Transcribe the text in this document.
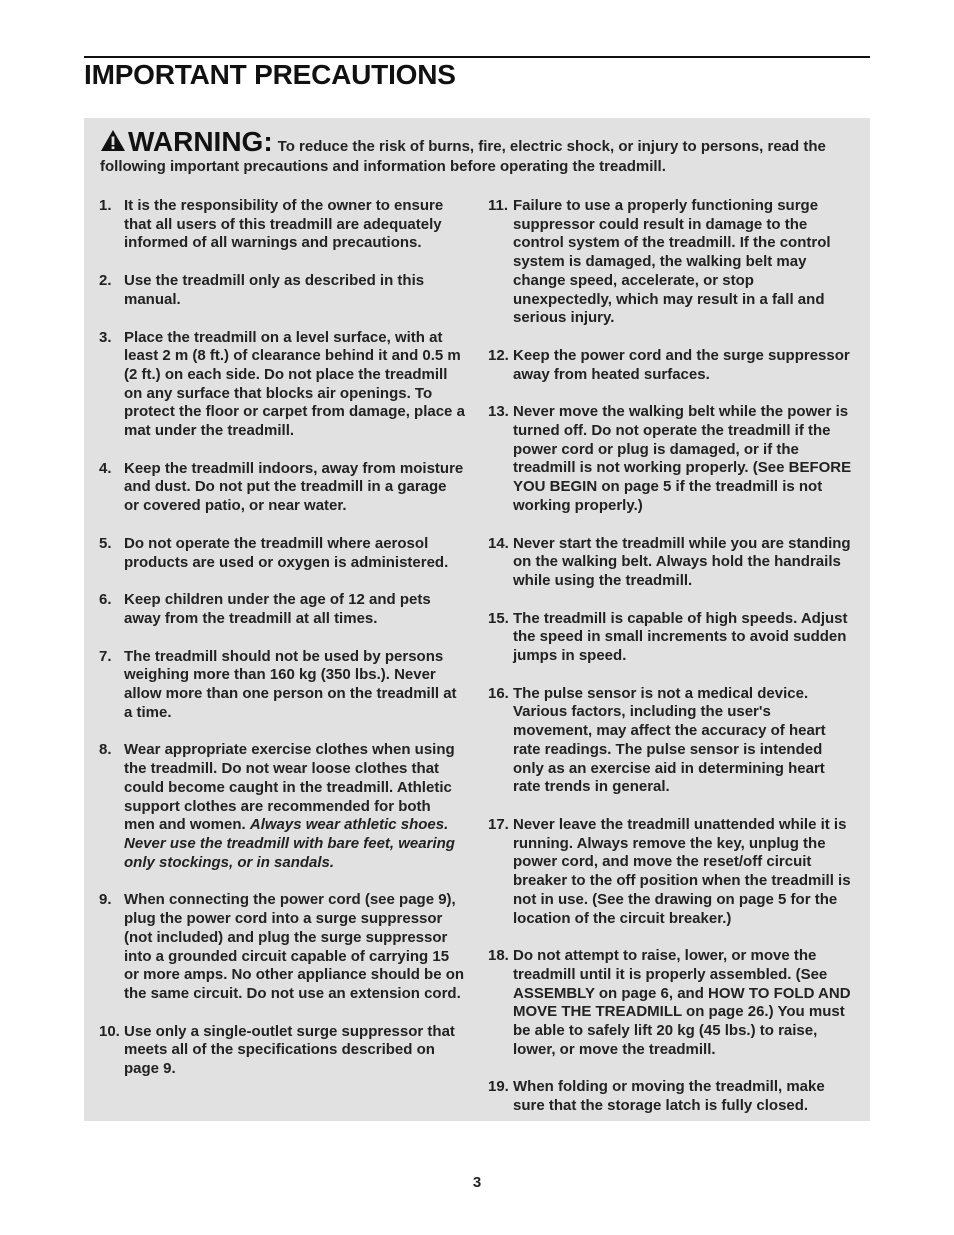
IMPORTANT PRECAUTIONS
WARNING: To reduce the risk of burns, fire, electric shock, or injury to persons, read the following important precautions and information before operating the treadmill.
1. It is the responsibility of the owner to ensure that all users of this treadmill are adequately informed of all warnings and precautions.
2. Use the treadmill only as described in this manual.
3. Place the treadmill on a level surface, with at least 2 m (8 ft.) of clearance behind it and 0.5 m (2 ft.) on each side. Do not place the treadmill on any surface that blocks air openings. To protect the floor or carpet from damage, place a mat under the treadmill.
4. Keep the treadmill indoors, away from moisture and dust. Do not put the treadmill in a garage or covered patio, or near water.
5. Do not operate the treadmill where aerosol products are used or oxygen is administered.
6. Keep children under the age of 12 and pets away from the treadmill at all times.
7. The treadmill should not be used by persons weighing more than 160 kg (350 lbs.). Never allow more than one person on the treadmill at a time.
8. Wear appropriate exercise clothes when using the treadmill. Do not wear loose clothes that could become caught in the treadmill. Athletic support clothes are recommended for both men and women. Always wear athletic shoes. Never use the treadmill with bare feet, wearing only stockings, or in sandals.
9. When connecting the power cord (see page 9), plug the power cord into a surge suppressor (not included) and plug the surge suppressor into a grounded circuit capable of carrying 15 or more amps. No other appliance should be on the same circuit. Do not use an extension cord.
10. Use only a single-outlet surge suppressor that meets all of the specifications described on page 9.
11. Failure to use a properly functioning surge suppressor could result in damage to the control system of the treadmill. If the control system is damaged, the walking belt may change speed, accelerate, or stop unexpectedly, which may result in a fall and serious injury.
12. Keep the power cord and the surge suppressor away from heated surfaces.
13. Never move the walking belt while the power is turned off. Do not operate the treadmill if the power cord or plug is damaged, or if the treadmill is not working properly. (See BEFORE YOU BEGIN on page 5 if the treadmill is not working properly.)
14. Never start the treadmill while you are standing on the walking belt. Always hold the handrails while using the treadmill.
15. The treadmill is capable of high speeds. Adjust the speed in small increments to avoid sudden jumps in speed.
16. The pulse sensor is not a medical device. Various factors, including the user's movement, may affect the accuracy of heart rate readings. The pulse sensor is intended only as an exercise aid in determining heart rate trends in general.
17. Never leave the treadmill unattended while it is running. Always remove the key, unplug the power cord, and move the reset/off circuit breaker to the off position when the treadmill is not in use. (See the drawing on page 5 for the location of the circuit breaker.)
18. Do not attempt to raise, lower, or move the treadmill until it is properly assembled. (See ASSEMBLY on page 6, and HOW TO FOLD AND MOVE THE TREADMILL on page 26.) You must be able to safely lift 20 kg (45 lbs.) to raise, lower, or move the treadmill.
19. When folding or moving the treadmill, make sure that the storage latch is fully closed.
3
